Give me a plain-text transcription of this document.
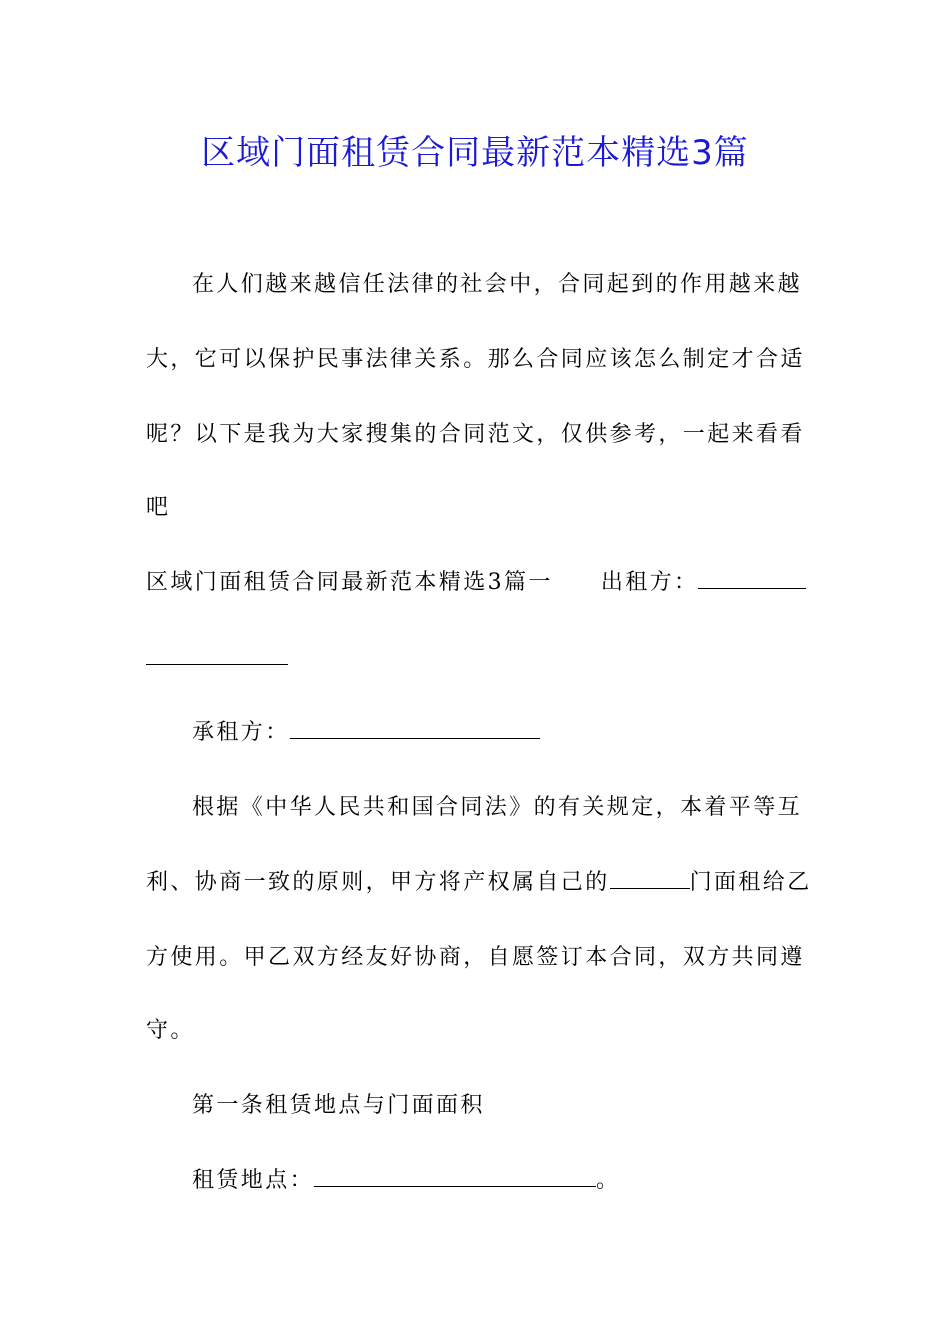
区域门面租赁合同最新范本精选3篇
在人们越来越信任法律的社会中，合同起到的作用越来越
大，它可以保护民事法律关系。那么合同应该怎么制定才合适
呢？以下是我为大家搜集的合同范文，仅供参考，一起来看看
吧
区域门面租赁合同最新范本精选3篇一 出租方：
承租方：
根据《中华人民共和国合同法》的有关规定，本着平等互
利、协商一致的原则，甲方将产权属自己的	门面租给乙
方使用。甲乙双方经友好协商，自愿签订本合同，双方共同遵
守。
第一条租赁地点与门面面积
租赁地点：	。
